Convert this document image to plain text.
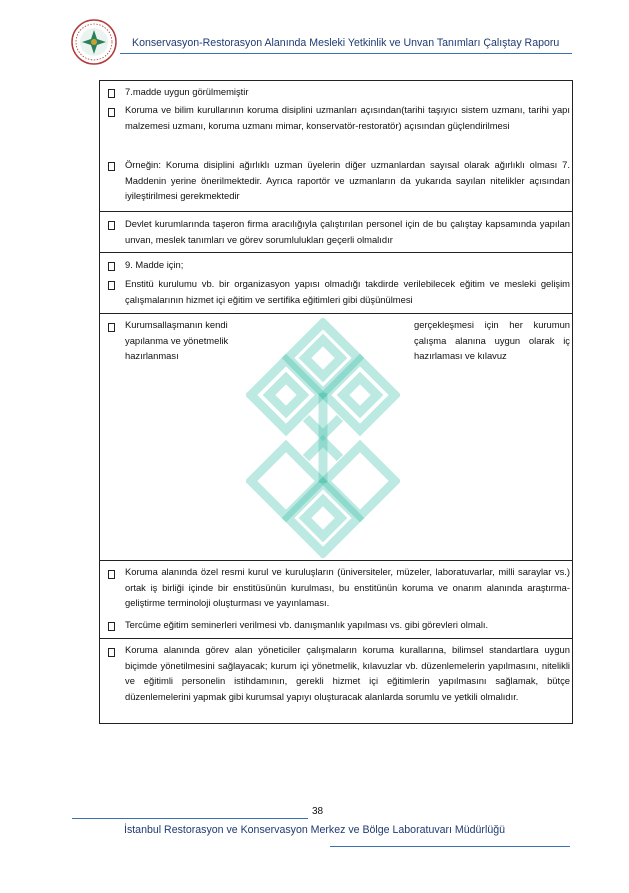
Konservasyon-Restorasyon Alanında Mesleki Yetkinlik ve Unvan Tanımları Çalıştay Raporu
7.madde uygun görülmemiştir
Koruma ve bilim kurullarının koruma disiplini uzmanları açısından(tarihi taşıyıcı sistem uzmanı, tarihi yapı malzemesi uzmanı, koruma uzmanı mimar, konservatör-restoratör) açısından güçlendirilmesi
Örneğin: Koruma disiplini ağırlıklı uzman üyelerin diğer uzmanlardan sayısal olarak ağırlıklı olması 7. Maddenin yerine önerilmektedir. Ayrıca raportör ve uzmanların da yukarıda sayılan nitelikler açısından iyileştirilmesi gerekmektedir
Devlet kurumlarında taşeron firma aracılığıyla çalıştırılan personel için de bu çalıştay kapsamında yapılan unvan, meslek tanımları ve görev sorumlulukları geçerli olmalıdır
9. Madde için;
Enstitü kurulumu vb. bir organizasyon yapısı olmadığı takdirde verilebilecek eğitim ve mesleki gelişim çalışmalarının hizmet içi eğitim ve sertifika eğitimleri gibi düşünülmesi
Kurumsallaşmanın kendi yapılanma ve yönetmelik hazırlanması
gerçekleşmesi için her kurumun çalışma alanına uygun olarak iç hazırlaması ve kılavuz
Koruma alanında özel resmi kurul ve kuruluşların (üniversiteler, müzeler, laboratuvarlar, milli saraylar vs.) ortak iş birliği içinde bir enstitüsünün kurulması, bu enstitünün koruma ve onarım alanında araştırma-geliştirme terminoloji oluşturması ve yayınlaması.
Tercüme eğitim seminerleri verilmesi vb. danışmanlık yapılması vs. gibi görevleri olmalı.
Koruma alanında görev alan yöneticiler çalışmaların koruma kurallarına, bilimsel standartlara uygun biçimde yönetilmesini sağlayacak; kurum içi yönetmelik, kılavuzlar vb. düzenlemelerin yapılmasını, nitelikli ve eğitimli personelin istihdamının, gerekli hizmet içi eğitimlerin yapılmasını sağlamak, bütçe düzenlemelerini yapmak gibi kurumsal yapıyı oluşturacak alanlarda sorumlu ve yetkili olmalıdır.
38
İstanbul Restorasyon ve Konservasyon Merkez ve Bölge Laboratuvarı Müdürlüğü
